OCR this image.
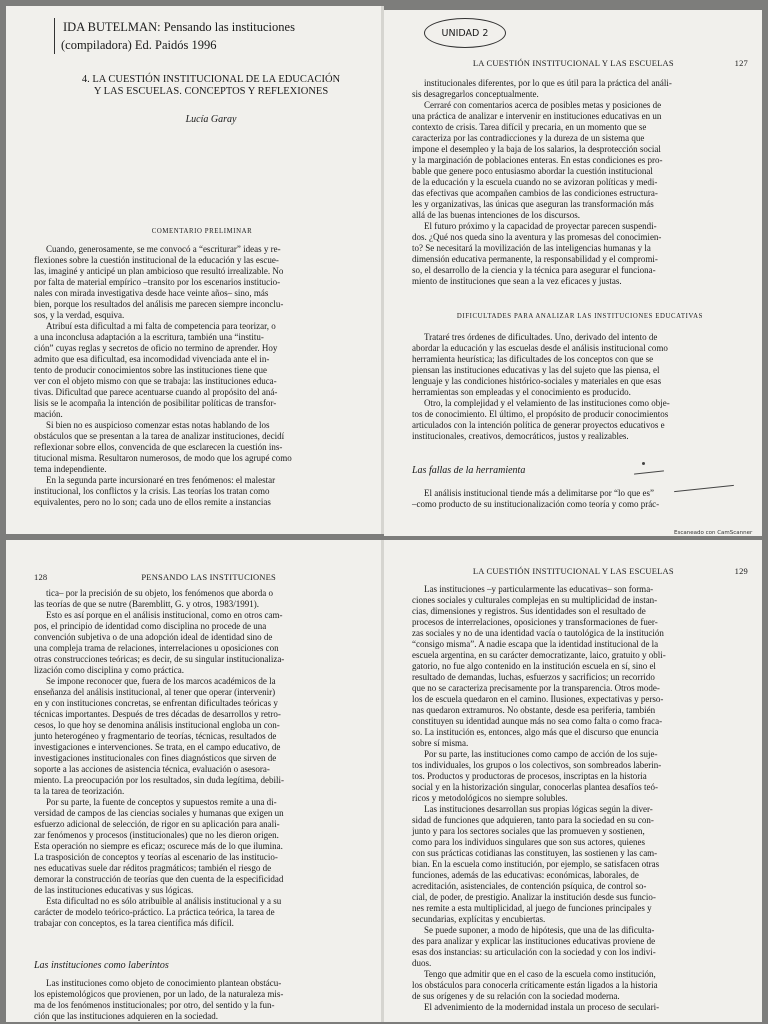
4. LA CUESTIÓN INSTITUCIONAL DE LA EDUCACIÓN
Y LAS ESCUELAS. CONCEPTOS Y REFLEXIONES
Lucía Garay
COMENTARIO PRELIMINAR

Cuando, generosamente, se me convocó a “escriturar” ideas y re-
flexiones sobre la cuestión institucional de la educación y las escue-
las, imaginé y anticipé un plan ambicioso que resultó irrealizable. No
por falta de material empírico –transito por los escenarios institucio-
nales con mirada investigativa desde hace veinte años– sino, más
bien, porque los resultados del análisis me parecen siempre inconclu-
sos, y la verdad, esquiva.

Atribuí esta dificultad a mi falta de competencia para teorizar, o
a una inconclusa adaptación a la escritura, también una “institu-
ción” cuyas reglas y secretos de oficio no termino de aprender. Hoy
admito que esa dificultad, esa incomodidad vivenciada ante el in-
tento de producir conocimientos sobre las instituciones tiene que
ver con el objeto mismo con que se trabaja: las instituciones educa-
tivas. Dificultad que parece acentuarse cuando al propósito del aná-
lisis se le acompaña la intención de posibilitar políticas de transfor-
mación.

Si bien no es auspicioso comenzar estas notas hablando de los
obstáculos que se presentan a la tarea de analizar instituciones, decidí
reflexionar sobre ellos, convencida de que esclarecen la cuestión ins-
titucional misma. Resultaron numerosos, de modo que los agrupé como
tema independiente.

En la segunda parte incursionaré en tres fenómenos: el malestar
institucional, los conflictos y la crisis. Las teorías los tratan como
equivalentes, pero no lo son; cada uno de ellos remite a instancias

IDA BUTELMAN: Pensando las instituciones
(compiladora) Ed. Paidós 1996
LA CUESTIÓN INSTITUCIONAL Y LAS ESCUELAS	127

institucionales diferentes, por lo que es útil para la práctica del análi-
sis desagregarlos conceptualmente.

Cerraré con comentarios acerca de posibles metas y posiciones de
una práctica de analizar e intervenir en instituciones educativas en un
contexto de crisis. Tarea difícil y precaria, en un momento que se
caracteriza por las contradicciones y la dureza de un sistema que
impone el desempleo y la baja de los salarios, la desprotección social
y la marginación de poblaciones enteras. En estas condiciones es pro-
bable que genere poco entusiasmo abordar la cuestión institucional
de la educación y la escuela cuando no se avizoran políticas y medi-
das efectivas que acompañen cambios de las condiciones estructura-
les y organizativas, las únicas que aseguran las transformación más
allá de las buenas intenciones de los discursos.

El futuro próximo y la capacidad de proyectar parecen suspendi-
dos. ¿Qué nos queda sino la aventura y las promesas del conocimien-
to? Se necesitará la movilización de las inteligencias humanas y la
dimensión educativa permanente, la responsabilidad y el compromi-
so, el desarrollo de la ciencia y la técnica para asegurar el funciona-
miento de instituciones que sean a la vez eficaces y justas.

DIFICULTADES PARA ANALIZAR LAS INSTITUCIONES EDUCATIVAS

Trataré tres órdenes de dificultades. Uno, derivado del intento de
abordar la educación y las escuelas desde el análisis institucional como
herramienta heurística; las dificultades de los conceptos con que se
piensan las instituciones educativas y las del sujeto que las piensa, el
lenguaje y las condiciones histórico-sociales y materiales en que esas
herramientas son empleadas y el conocimiento es producido.

Otro, la complejidad y el velamiento de las instituciones como obje-
tos de conocimiento. El último, el propósito de producir conocimientos
articulados con la intención política de generar proyectos educativos e
institucionales, creativos, democráticos, justos y realizables.

Las fallas de la herramienta

El análisis institucional tiende más a delimitarse por “lo que es”
–como producto de su institucionalización como teoría y como prác-

Escaneado con CamScanner
UNIDAD 2
128	PENSANDO LAS INSTITUCIONES

tica– por la precisión de su objeto, los fenómenos que aborda o
las teorías de que se nutre (Baremblitt, G. y otros, 1983/1991).

Esto es así porque en el análisis institucional, como en otros cam-
pos, el principio de identidad como disciplina no procede de una
convención subjetiva o de una adopción ideal de identidad sino de
una compleja trama de relaciones, interrelaciones u oposiciones con
otras construcciones teóricas; es decir, de su singular institucionaliza-
lización como disciplina y como práctica.

Se impone reconocer que, fuera de los marcos académicos de la
enseñanza del análisis institucional, al tener que operar (intervenir)
en y con instituciones concretas, se enfrentan dificultades teóricas y
técnicas importantes. Después de tres décadas de desarrollos y retro-
cesos, lo que hoy se denomina análisis institucional engloba un con-
junto heterogéneo y fragmentario de teorías, técnicas, resultados de
investigaciones e intervenciones. Se trata, en el campo educativo, de
investigaciones institucionales con fines diagnósticos que sirven de
soporte a las acciones de asistencia técnica, evaluación o asesora-
miento. La preocupación por los resultados, sin duda legítima, debili-
ta la tarea de teorización.

Por su parte, la fuente de conceptos y supuestos remite a una di-
versidad de campos de las ciencias sociales y humanas que exigen un
esfuerzo adicional de selección, de rigor en su aplicación para anali-
zar fenómenos y procesos (institucionales) que no les dieron origen.
Esta operación no siempre es eficaz; oscurece más de lo que ilumina.
La trasposición de conceptos y teorías al escenario de las institucio-
nes educativas suele dar réditos pragmáticos; también el riesgo de
demorar la construcción de teorías que den cuenta de la especificidad
de las instituciones educativas y sus lógicas.

Esta dificultad no es sólo atribuible al análisis institucional y a su
carácter de modelo teórico-práctico. La práctica teórica, la tarea de
trabajar con conceptos, es la tarea científica más difícil.

Las instituciones como laberintos

Las instituciones como objeto de conocimiento plantean obstácu-
los epistemológicos que provienen, por un lado, de la naturaleza mis-
ma de los fenómenos institucionales; por otro, del sentido y la fun-
ción que las instituciones adquieren en la sociedad.

LA CUESTIÓN INSTITUCIONAL Y LAS ESCUELAS	129

Las instituciones –y particularmente las educativas– son forma-
ciones sociales y culturales complejas en su multiplicidad de instan-
cias, dimensiones y registros. Sus identidades son el resultado de
procesos de interrelaciones, oposiciones y transformaciones de fuer-
zas sociales y no de una identidad vacía o tautológica de la institución
“consigo misma”. A nadie escapa que la identidad institucional de la
escuela argentina, en su carácter democratizante, laico, gratuito y obli-
gatorio, no fue algo contenido en la institución escuela en sí, sino el
resultado de demandas, luchas, esfuerzos y sacrificios; un recorrido
que no se caracteriza precisamente por la transparencia. Otros mode-
los de escuela quedaron en el camino. Ilusiones, expectativas y perso-
nas quedaron extramuros. No obstante, desde esa periferia, también
constituyen su identidad aunque más no sea como falta o como fraca-
so. La institución es, entonces, algo más que el discurso que enuncia
sobre sí misma.

Por su parte, las instituciones como campo de acción de los suje-
tos individuales, los grupos o los colectivos, son sombreados laberin-
tos. Productos y productoras de procesos, inscriptas en la historia
social y en la historización singular, conocerlas plantea desafíos teó-
ricos y metodológicos no siempre solubles.

Las instituciones desarrollan sus propias lógicas según la diver-
sidad de funciones que adquieren, tanto para la sociedad en su con-
junto y para los sectores sociales que las promueven y sostienen,
como para los individuos singulares que son sus actores, quienes
con sus prácticas cotidianas las constituyen, las sostienen y las cam-
bian. En la escuela como institución, por ejemplo, se satisfacen otras
funciones, además de las educativas: económicas, laborales, de
acreditación, asistenciales, de contención psíquica, de control so-
cial, de poder, de prestigio. Analizar la institución desde sus funcio-
nes remite a esta multiplicidad, al juego de funciones principales y
secundarias, explícitas y encubiertas.

Se puede suponer, a modo de hipótesis, que una de las dificulta-
des para analizar y explicar las instituciones educativas proviene de
esas dos instancias: su articulación con la sociedad y con los indivi-
duos.

Tengo que admitir que en el caso de la escuela como institución,
los obstáculos para conocerla críticamente están ligados a la historia
de sus orígenes y de su relación con la sociedad moderna.

El advenimiento de la modernidad instala un proceso de seculari-
